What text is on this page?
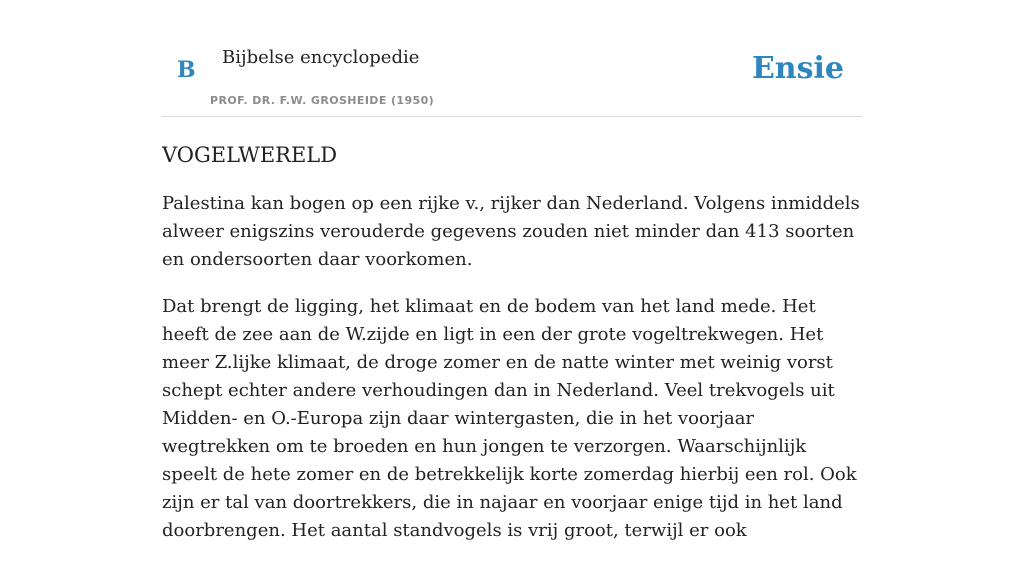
B Bijbelse encyclopedie
PROF. DR. F.W. GROSHEIDE (1950)
Ensie
VOGELWERELD

Palestina kan bogen op een rijke v., rijker dan Nederland. Volgens inmiddels alweer enigszins verouderde gegevens zouden niet minder dan 413 soorten en ondersoorten daar voorkomen.

Dat brengt de ligging, het klimaat en de bodem van het land mede. Het heeft de zee aan de W.zijde en ligt in een der grote vogeltrekwegen. Het meer Z.lijke klimaat, de droge zomer en de natte winter met weinig vorst schept echter andere verhoudingen dan in Nederland. Veel trekvogels uit Midden- en O.-Europa zijn daar wintergasten, die in het voorjaar wegtrekken om te broeden en hun jongen te verzorgen. Waarschijnlijk speelt de hete zomer en de betrekkelijk korte zomerdag hierbij een rol. Ook zijn er tal van doortrekkers, die in najaar en voorjaar enige tijd in het land doorbrengen. Het aantal standvogels is vrij groot, terwijl er ook
